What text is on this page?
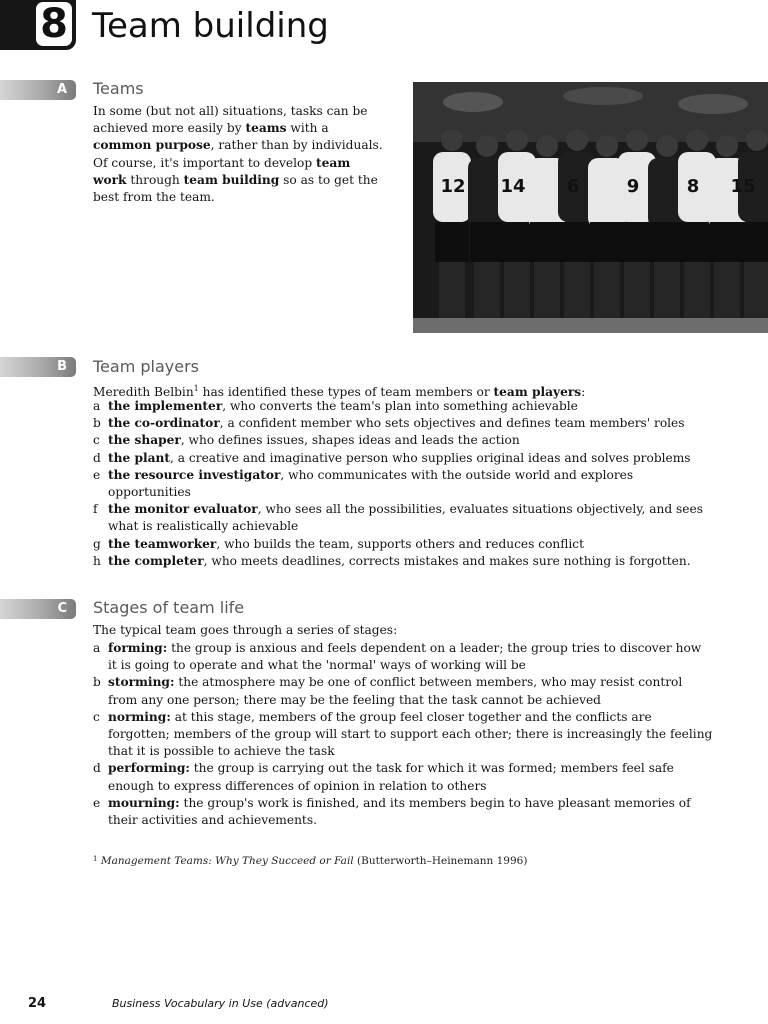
8 Team building
A Teams

In some (but not all) situations, tasks can be achieved more easily by teams with a common purpose, rather than by individuals. Of course, it's important to develop team work through team building so as to get the best from the team.

12 14 6	9	8 15
B Team players

Meredith Belbin$^1$ has identified these types of team members or team players:

a the implementer, who converts the team's plan into something achievable
b the co-ordinator, a confident member who sets objectives and defines team members' roles
c the shaper, who defines issues, shapes ideas and leads the action
d the plant, a creative and imaginative person who supplies original ideas and solves problems
e the resource investigator, who communicates with the outside world and explores opportunities
f the monitor evaluator, who sees all the possibilities, evaluates situations objectively, and sees what is realistically achievable
g the teamworker, who builds the team, supports others and reduces conflict
h the completer, who meets deadlines, corrects mistakes and makes sure nothing is forgotten.
C Stages of team life

The typical team goes through a series of stages:

a forming: the group is anxious and feels dependent on a leader; the group tries to discover how it is going to operate and what the 'normal' ways of working will be
b storming: the atmosphere may be one of conflict between members, who may resist control from any one person; there may be the feeling that the task cannot be achieved
c norming: at this stage, members of the group feel closer together and the conflicts are forgotten; members of the group will start to support each other; there is increasingly the feeling that it is possible to achieve the task
d performing: the group is carrying out the task for which it was formed; members feel safe enough to express differences of opinion in relation to others
e mourning: the group's work is finished, and its members begin to have pleasant memories of their activities and achievements.

$^1$ Management Teams: Why They Succeed or Fail (Butterworth–Heinemann 1996)

24	Business Vocabulary in Use (advanced)
